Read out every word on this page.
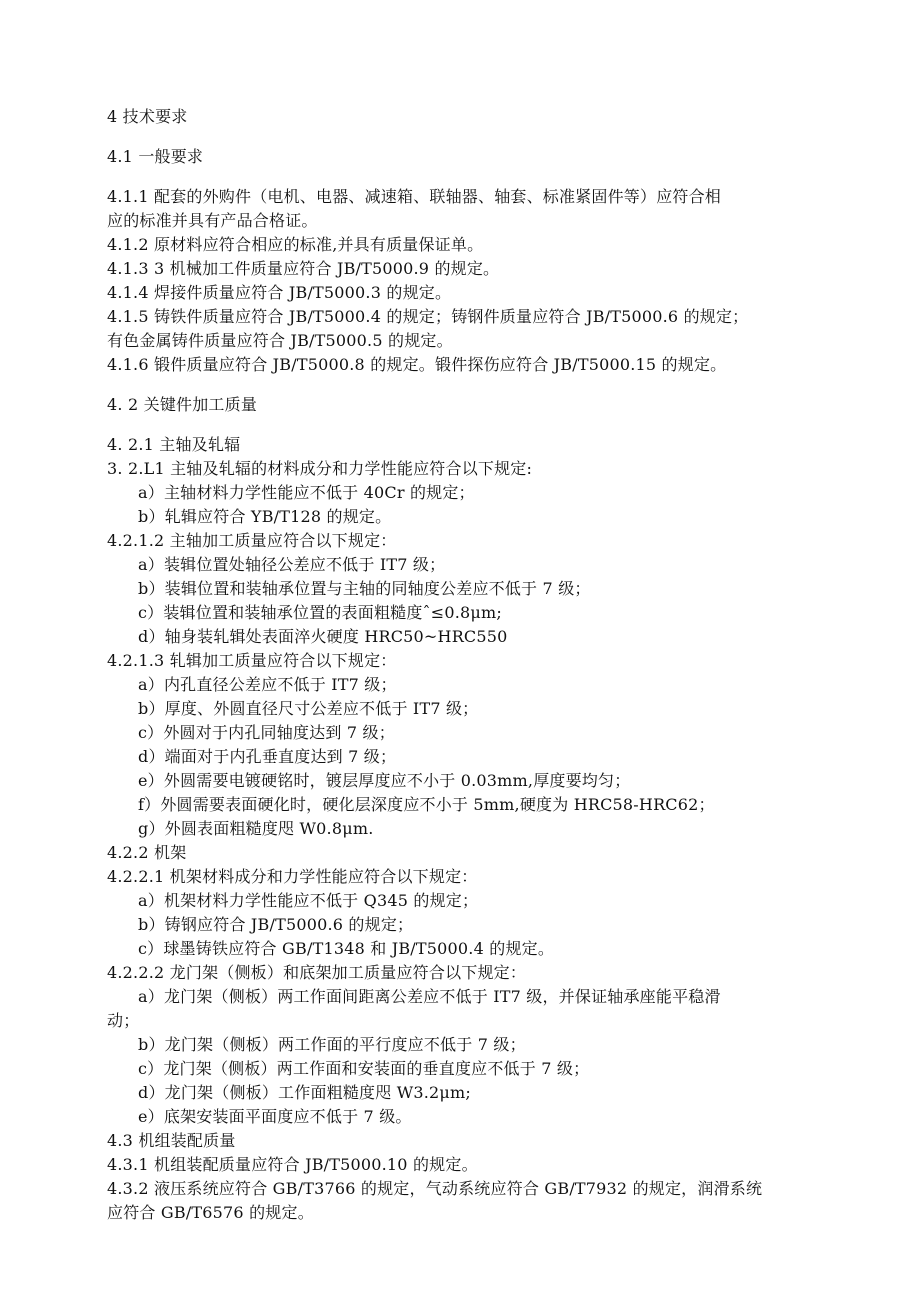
4 技术要求
4.1 一般要求
4.1.1 配套的外购件（电机、电器、减速箱、联轴器、轴套、标准紧固件等）应符合相
应的标准并具有产品合格证。
4.1.2 原材料应符合相应的标准,并具有质量保证单。
4.1.3 3 机械加工件质量应符合 JB/T5000.9 的规定。
4.1.4 焊接件质量应符合 JB/T5000.3 的规定。
4.1.5 铸铁件质量应符合 JB/T5000.4 的规定；铸钢件质量应符合 JB/T5000.6 的规定；
有色金属铸件质量应符合 JB/T5000.5 的规定。
4.1.6 锻件质量应符合 JB/T5000.8 的规定。锻件探伤应符合 JB/T5000.15 的规定。
4. 2 关键件加工质量
4. 2.1 主轴及轧辐
3. 2.L1 主轴及轧辐的材料成分和力学性能应符合以下规定:
a）主轴材料力学性能应不低于 40Cr 的规定；
b）轧辑应符合 YB/T128 的规定。
4.2.1.2 主轴加工质量应符合以下规定：
a）装辑位置处轴径公差应不低于 IT7 级；
b）装辑位置和装轴承位置与主轴的同轴度公差应不低于 7 级；
c）装辑位置和装轴承位置的表面粗糙度ˆ≤0.8μm;
d）轴身装轧辑处表面淬火硬度 HRC50~HRC550
4.2.1.3 轧辑加工质量应符合以下规定：
a）内孔直径公差应不低于 IT7 级；
b）厚度、外圆直径尺寸公差应不低于 IT7 级；
c）外圆对于内孔同轴度达到 7 级；
d）端面对于内孔垂直度达到 7 级；
e）外圆需要电镀硬铭时，镀层厚度应不小于 0.03mm,厚度要均匀；
f）外圆需要表面硬化时，硬化层深度应不小于 5mm,硬度为 HRC58-HRC62；
g）外圆表面粗糙度咫 W0.8μm.
4.2.2 机架
4.2.2.1 机架材料成分和力学性能应符合以下规定：
a）机架材料力学性能应不低于 Q345 的规定；
b）铸钢应符合 JB/T5000.6 的规定；
c）球墨铸铁应符合 GB/T1348 和 JB/T5000.4 的规定。
4.2.2.2 龙门架（侧板）和底架加工质量应符合以下规定：
a）龙门架（侧板）两工作面间距离公差应不低于 IT7 级，并保证轴承座能平稳滑
动；
b）龙门架（侧板）两工作面的平行度应不低于 7 级；
c）龙门架（侧板）两工作面和安装面的垂直度应不低于 7 级；
d）龙门架（侧板）工作面粗糙度咫 W3.2μm;
e）底架安装面平面度应不低于 7 级。
4.3 机组装配质量
4.3.1 机组装配质量应符合 JB/T5000.10 的规定。
4.3.2 液压系统应符合 GB/T3766 的规定，气动系统应符合 GB/T7932 的规定，润滑系统
应符合 GB/T6576 的规定。
